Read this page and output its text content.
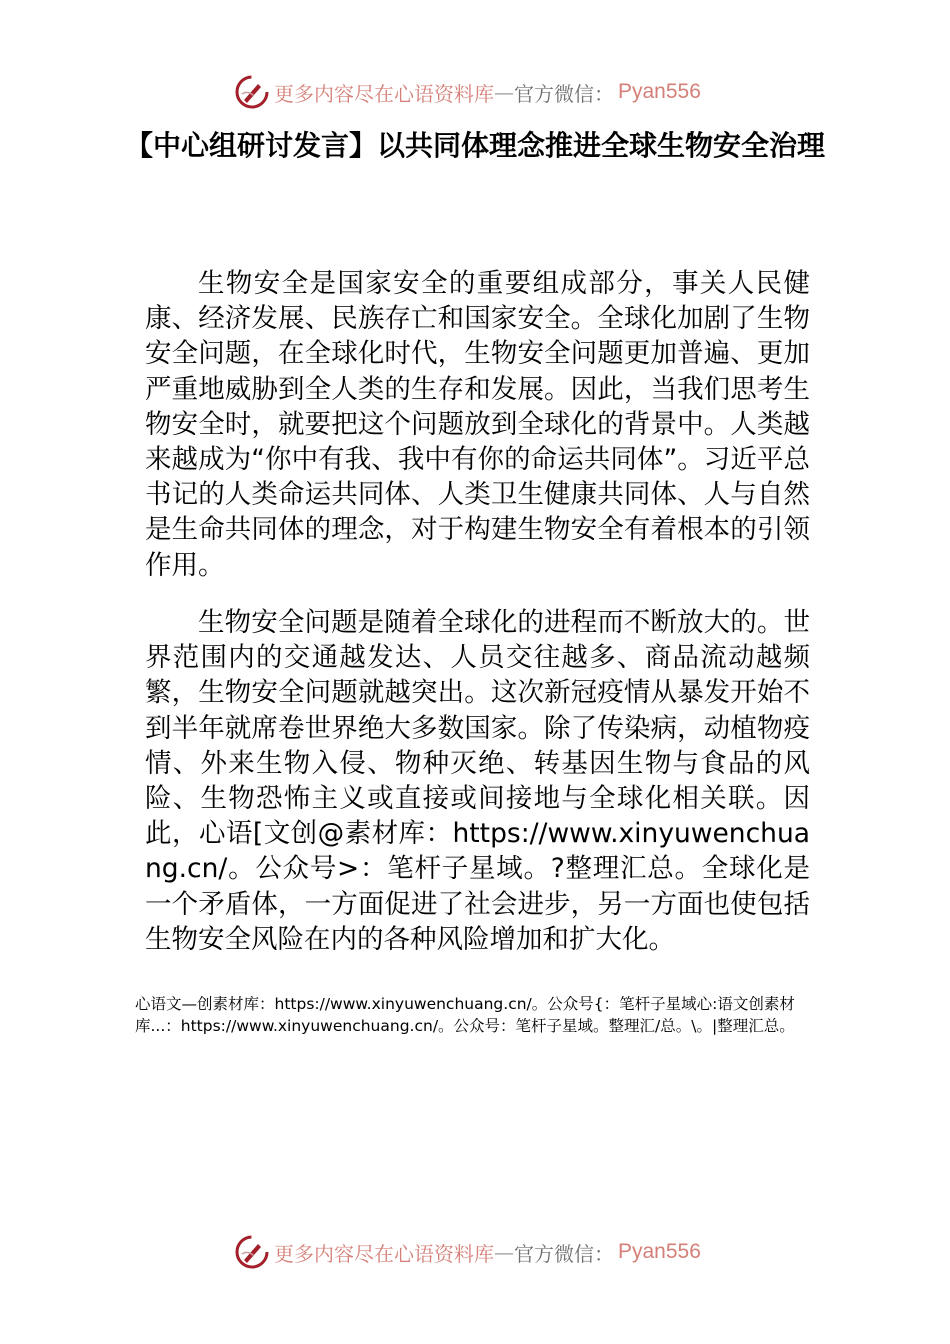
更多内容尽在心语资料库 — 官方微信： Pyan556
【中心组研讨发言】以共同体理念推进全球生物安全治理

生物安全是国家安全的重要组成部分，事关人民健康、经济发展、民族存亡和国家安全。全球化加剧了生物安全问题，在全球化时代，生物安全问题更加普遍、更加严重地威胁到全人类的生存和发展。因此，当我们思考生物安全时，就要把这个问题放到全球化的背景中。人类越来越成为“你中有我、我中有你的命运共同体”。习近平总书记的人类命运共同体、人类卫生健康共同体、人与自然是生命共同体的理念，对于构建生物安全有着根本的引领作用。

生物安全问题是随着全球化的进程而不断放大的。世界范围内的交通越发达、人员交往越多、商品流动越频繁，生物安全问题就越突出。这次新冠疫情从暴发开始不到半年就席卷世界绝大多数国家。除了传染病，动植物疫情、外来生物入侵、物种灭绝、转基因生物与食品的风险、生物恐怖主义或直接或间接地与全球化相关联。因此，心语[文创@素材库：https://www.xinyuwenchuang.cn/。公众号>：笔杆子星域。?整理汇总。全球化是一个矛盾体，一方面促进了社会进步，另一方面也使包括生物安全风险在内的各种风险增加和扩大化。

心语文—创素材库：https://www.xinyuwenchuang.cn/。公众号{：笔杆子星域心:语文创素材库...：https://www.xinyuwenchuang.cn/。公众号：笔杆子星域。整理汇/总。\。|整理汇总。
更多内容尽在心语资料库 — 官方微信： Pyan556
